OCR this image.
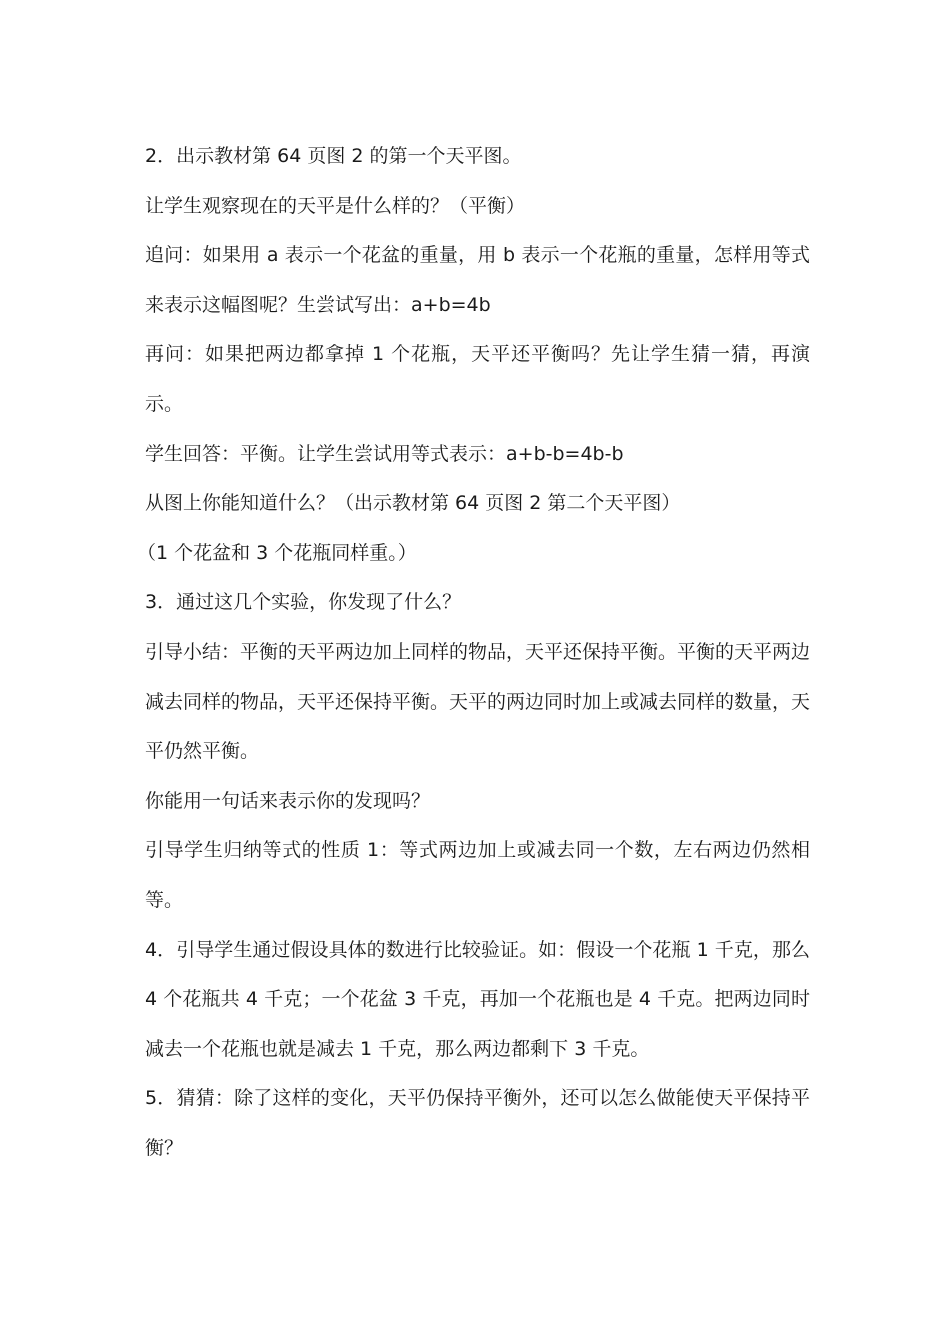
2．出示教材第 64 页图 2 的第一个天平图。

让学生观察现在的天平是什么样的？（平衡）

追问：如果用 a 表示一个花盆的重量，用 b 表示一个花瓶的重量，怎样用等式来表示这幅图呢？生尝试写出：a+b=4b

再问：如果把两边都拿掉 1 个花瓶，天平还平衡吗？先让学生猜一猜，再演示。

学生回答：平衡。让学生尝试用等式表示：a+b-b=4b-b

从图上你能知道什么？（出示教材第 64 页图 2 第二个天平图）

（1 个花盆和 3 个花瓶同样重。）

3．通过这几个实验，你发现了什么？

引导小结：平衡的天平两边加上同样的物品，天平还保持平衡。平衡的天平两边减去同样的物品，天平还保持平衡。天平的两边同时加上或减去同样的数量，天平仍然平衡。

你能用一句话来表示你的发现吗？

引导学生归纳等式的性质 1：等式两边加上或减去同一个数，左右两边仍然相等。

4．引导学生通过假设具体的数进行比较验证。如：假设一个花瓶 1 千克，那么 4 个花瓶共 4 千克；一个花盆 3 千克，再加一个花瓶也是 4 千克。把两边同时减去一个花瓶也就是减去 1 千克，那么两边都剩下 3 千克。

5．猜猜：除了这样的变化，天平仍保持平衡外，还可以怎么做能使天平保持平衡？
